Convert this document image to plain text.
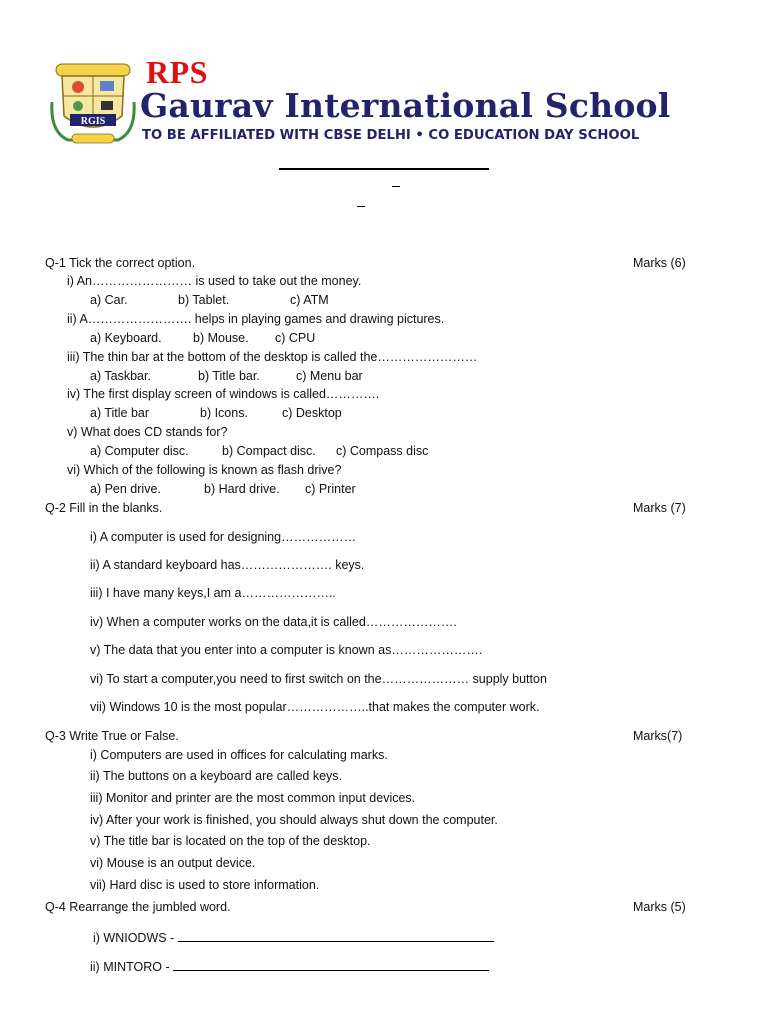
RGIS
RPS
Gaurav International School
TO BE AFFILIATED WITH CBSE DELHI • CO EDUCATION DAY SCHOOL
Q-1 Tick the correct option.	Marks (6)
i) An…………………… is used to take out the money.
a) Car.	b) Tablet.	c) ATM
ii) A……………………. helps in playing games and drawing pictures.
a) Keyboard.	b) Mouse. c) CPU
iii) The thin bar at the bottom of the desktop is called the……………………
a) Taskbar.	b) Title bar.	c) Menu bar
iv) The first display screen of windows is called………….
a) Title bar	b) Icons.	c) Desktop
v) What does CD stands for?
a) Computer disc.	b) Compact disc. c) Compass disc
vi) Which of the following is known as flash drive?
a) Pen drive.	b) Hard drive. c) Printer
Q-2 Fill in the blanks.	Marks (7)
i) A computer is used for designing………………
ii) A standard keyboard has…………………. keys.
iii) I have many keys,I am a…………………..
iv) When a computer works on the data,it is called………………….
v) The data that you enter into a computer is known as………………….
vi) To start a computer,you need to first switch on the………………… supply button
vii) Windows 10 is the most popular………………..that makes the computer work.
Q-3 Write True or False.	Marks(7)
i) Computers are used in offices for calculating marks.
ii) The buttons on a keyboard are called keys.
iii) Monitor and printer are the most common input devices.
iv) After your work is finished, you should always shut down the computer.
v) The title bar is located on the top of the desktop.
vi) Mouse is an output device.
vii) Hard disc is used to store information.
Q-4 Rearrange the jumbled word.	Marks (5)
i) WNIODWS -
ii) MINTORO -
